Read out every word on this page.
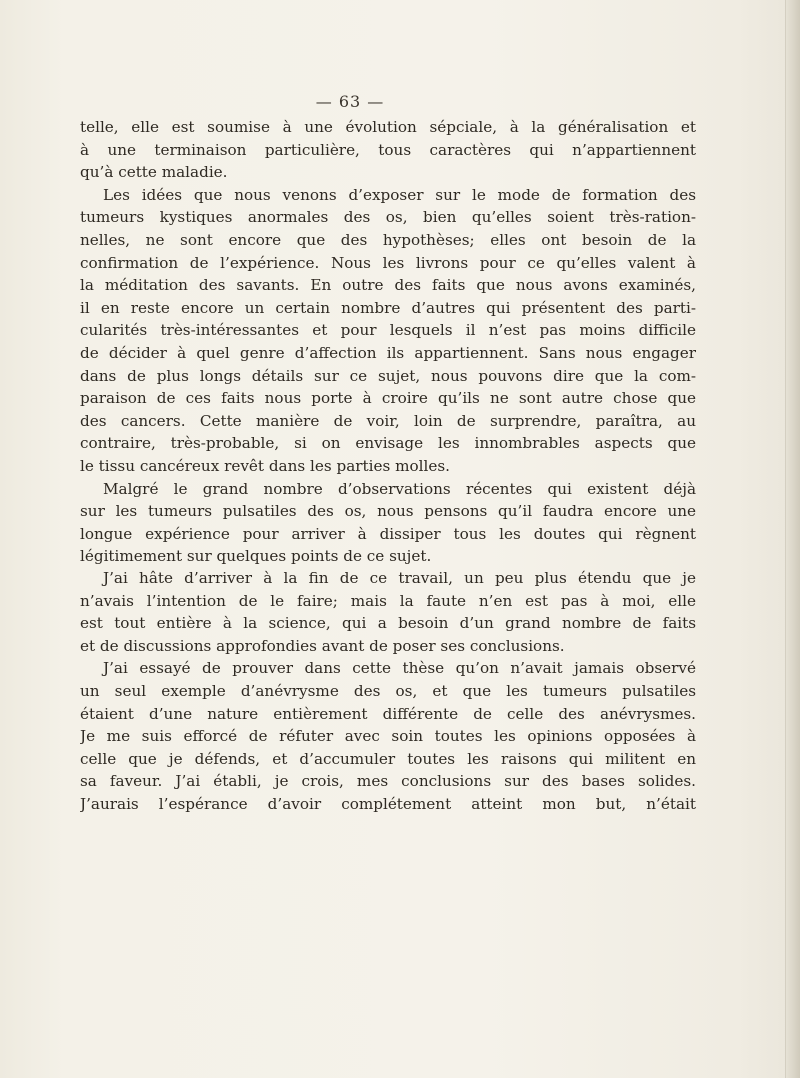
— 63 —
telle, elle est soumise à une évolution sépciale, à la généralisation et
à une terminaison particulière, tous caractères qui n’appartiennent
qu’à cette maladie.
Les idées que nous venons d’exposer sur le mode de formation des
tumeurs kystiques anormales des os, bien qu’elles soient très-ration-
nelles, ne sont encore que des hypothèses; elles ont besoin de la
confirmation de l’expérience. Nous les livrons pour ce qu’elles valent à
la méditation des savants. En outre des faits que nous avons examinés,
il en reste encore un certain nombre d’autres qui présentent des parti-
cularités très-intéressantes et pour lesquels il n’est pas moins difficile
de décider à quel genre d’affection ils appartiennent. Sans nous engager
dans de plus longs détails sur ce sujet, nous pouvons dire que la com-
paraison de ces faits nous porte à croire qu’ils ne sont autre chose que
des cancers. Cette manière de voir, loin de surprendre, paraîtra, au
contraire, très-probable, si on envisage les innombrables aspects que
le tissu cancéreux revêt dans les parties molles.
Malgré le grand nombre d’observations récentes qui existent déjà
sur les tumeurs pulsatiles des os, nous pensons qu’il faudra encore une
longue expérience pour arriver à dissiper tous les doutes qui règnent
légitimement sur quelques points de ce sujet.
J’ai hâte d’arriver à la fin de ce travail, un peu plus étendu que je
n’avais l’intention de le faire; mais la faute n’en est pas à moi, elle
est tout entière à la science, qui a besoin d’un grand nombre de faits
et de discussions approfondies avant de poser ses conclusions.
J’ai essayé de prouver dans cette thèse qu’on n’avait jamais observé
un seul exemple d’anévrysme des os, et que les tumeurs pulsatiles
étaient d’une nature entièrement différente de celle des anévrysmes.
Je me suis efforcé de réfuter avec soin toutes les opinions opposées à
celle que je défends, et d’accumuler toutes les raisons qui militent en
sa faveur. J’ai établi, je crois, mes conclusions sur des bases solides.
J’aurais l’espérance d’avoir complétement atteint mon but, n’était
